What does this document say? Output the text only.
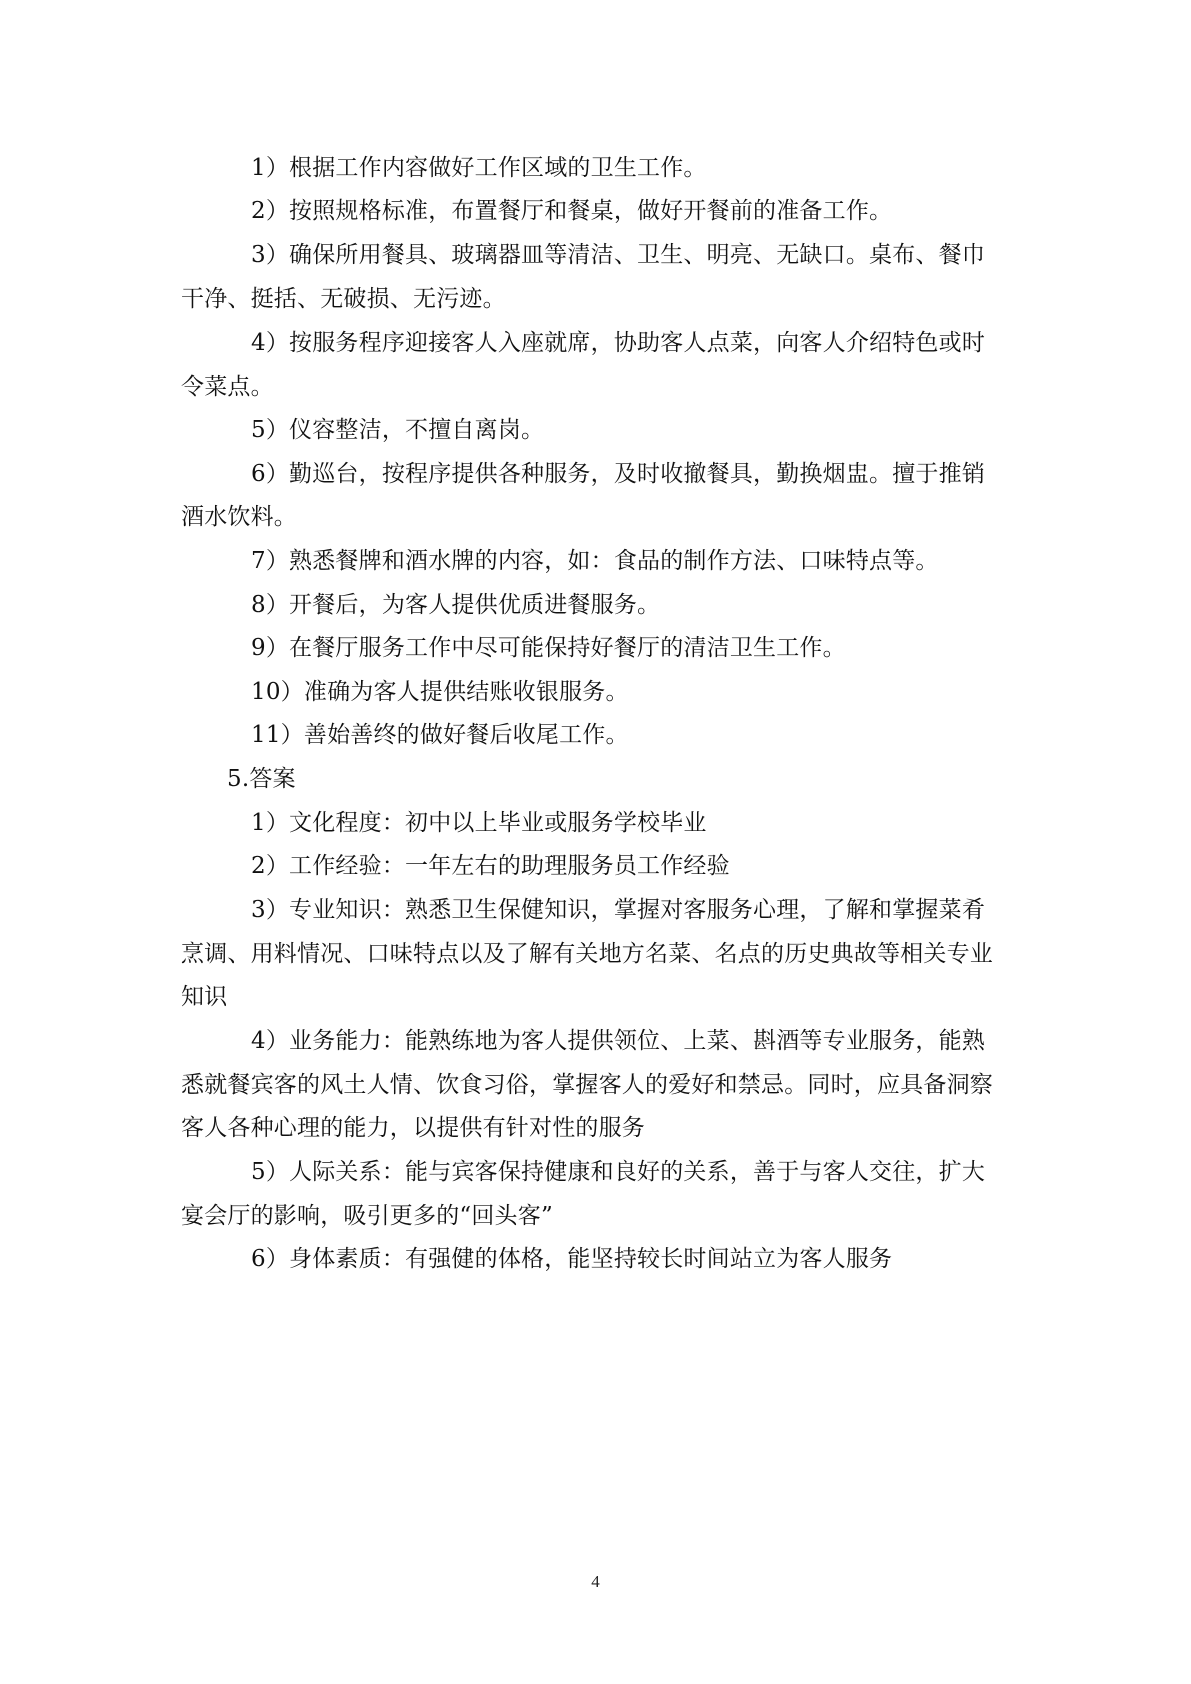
1）根据工作内容做好工作区域的卫生工作。
2）按照规格标准，布置餐厅和餐桌，做好开餐前的准备工作。
3）确保所用餐具、玻璃器皿等清洁、卫生、明亮、无缺口。桌布、餐巾
干净、挺括、无破损、无污迹。
4）按服务程序迎接客人入座就席，协助客人点菜，向客人介绍特色或时
令菜点。
5）仪容整洁，不擅自离岗。
6）勤巡台，按程序提供各种服务，及时收撤餐具，勤换烟盅。擅于推销
酒水饮料。
7）熟悉餐牌和酒水牌的内容，如：食品的制作方法、口味特点等。
8）开餐后，为客人提供优质进餐服务。
9）在餐厅服务工作中尽可能保持好餐厅的清洁卫生工作。
10）准确为客人提供结账收银服务。
11）善始善终的做好餐后收尾工作。
5.答案
1）文化程度：初中以上毕业或服务学校毕业
2）工作经验：一年左右的助理服务员工作经验
3）专业知识：熟悉卫生保健知识，掌握对客服务心理，了解和掌握菜肴
烹调、用料情况、口味特点以及了解有关地方名菜、名点的历史典故等相关专业
知识
4）业务能力：能熟练地为客人提供领位、上菜、斟酒等专业服务，能熟
悉就餐宾客的风土人情、饮食习俗，掌握客人的爱好和禁忌。同时，应具备洞察
客人各种心理的能力，以提供有针对性的服务
5）人际关系：能与宾客保持健康和良好的关系，善于与客人交往，扩大
宴会厅的影响，吸引更多的“回头客”
6）身体素质：有强健的体格，能坚持较长时间站立为客人服务
4
